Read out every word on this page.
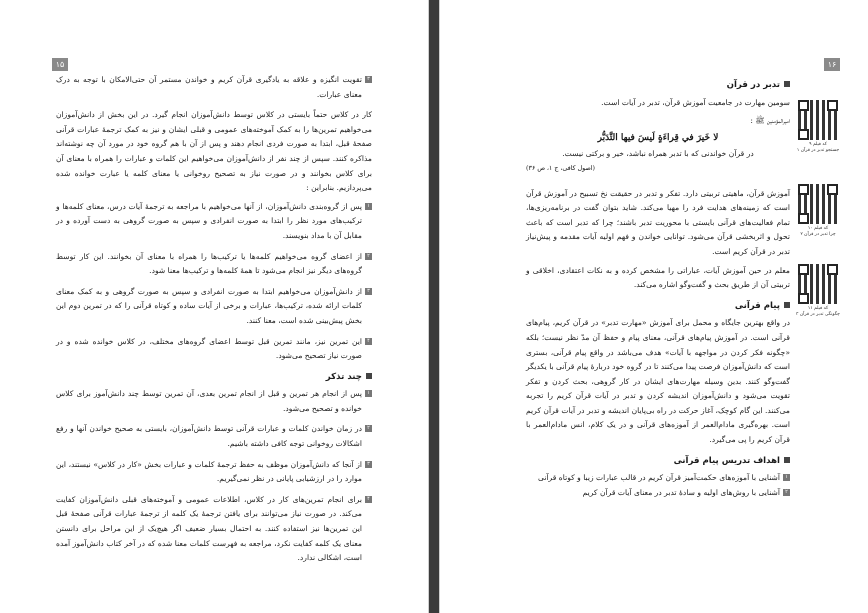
۱۵
۳
تقویت انگیزه و علاقه به یادگیری قرآن کریم و خواندن مستمر آن حتی‌الامکان با توجه به درک معنای عبارات.
کار در کلاس حتماً بایستی در کلاس توسط دانش‌آموزان انجام گیرد. در این بخش از دانش‌آموزان می‌خواهیم تمرین‌ها را به کمک آموخته‌های عمومی و قبلی ایشان و نیز به کمک ترجمهٔ عبارات قرآنی صفحهٔ قبل، ابتدا به صورت فردی انجام دهند و پس از آن با هم گروه خود در مورد آن چه نوشته‌اند مذاکره کنند. سپس از چند نفر از دانش‌آموزان می‌خواهیم این کلمات و عبارات را همراه با معنای آن برای کلاس بخوانند و در صورت نیاز به تصحیح روخوانی یا معنای کلمه یا عبارت خوانده شده می‌پردازیم. بنابراین :
۱
پس از گروه‌بندی دانش‌آموزان، از آنها می‌خواهیم با مراجعه به ترجمهٔ آیات درس، معنای کلمه‌ها و ترکیب‌های مورد نظر را ابتدا به صورت انفرادی و سپس به صورت گروهی به دست آورده و در مقابل آن با مداد بنویسند.
۲
از اعضای گروه می‌خواهیم کلمه‌ها یا ترکیب‌ها را همراه با معنای آن بخوانند. این کار توسط گروه‌های دیگر نیز انجام می‌شود تا همهٔ کلمه‌ها و ترکیب‌ها معنا شود.
۳
از دانش‌آموزان می‌خواهیم ابتدا به صورت انفرادی و سپس به صورت گروهی و به کمک معنای کلمات ارائه شده، ترکیب‌ها، عبارات و برخی از آیات ساده و کوتاه قرآنی را که در تمرین دوم این بخش پیش‌بینی شده است، معنا کنند.
۴
این تمرین نیز، مانند تمرین قبل توسط اعضای گروه‌های مختلف، در کلاس خوانده شده و در صورت نیاز تصحیح می‌شود.
چند تذکر
۱
پس از انجام هر تمرین و قبل از انجام تمرین بعدی، آن تمرین توسط چند دانش‌آموز برای کلاس خوانده و تصحیح می‌شود.
۲
در زمان خواندن کلمات و عبارات قرآنی توسط دانش‌آموزان، بایستی به صحیح خواندن آنها و رفع اشکالات روخوانی توجه کافی داشته باشیم.
۳
از آنجا که دانش‌آموزان موظف به حفظ ترجمهٔ کلمات و عبارات بخش «کار در کلاس» نیستند، این موارد را در ارزشیابی پایانی در نظر نمی‌گیریم.
۴
برای انجام تمرین‌های کار در کلاس، اطلاعات عمومی و آموخته‌های قبلی دانش‌آموزان کفایت می‌کند. در صورت نیاز می‌توانند برای یافتن ترجمهٔ یک کلمه از ترجمهٔ عبارات قرآنی صفحهٔ قبل این تمرین‌ها نیز استفاده کنند. به احتمال بسیار ضعیف اگر هیچ‌یک از این مراحل برای دانستن معنای یک کلمه کفایت نکرد، مراجعه به فهرست کلمات معنا شده که در آخر کتاب دانش‌آموز آمده است، اشکالی ندارد.
۱۶
تدبر در قرآن
سومین مهارت در جامعیت آموزش قرآن، تدبر در آیات است.
امیرالمؤمنین ﷺ :
لا خَيرَ في قِراءَةٍ لَيسَ فيها التَّدَبُّر
در قرآن خواندنی که با تدبر همراه نباشد، خیر و برکتی نیست.
(اصول کافی، ج ۱، ص ۳۶)
آموزش قرآن، ماهیتی تربیتی دارد. تفکر و تدبر در حقیقت نخ تسبیح در آموزش قرآن است که زمینه‌های هدایت فرد را مهیا می‌کند. شاید بتوان گفت در برنامه‌ریزی‌ها، تمام فعالیت‌های قرآنی بایستی با محوریت تدبر باشند؛ چرا که تدبر است که باعث تحول و اثربخشی قرآن می‌شود. توانایی خواندن و فهم اولیه آیات مقدمه و پیش‌نیاز تدبر در قرآن کریم است.
معلم در حین آموزش آیات، عباراتی را مشخص کرده و به نکات اعتقادی، اخلاقی و تربیتی آن از طریق بحث و گفت‌وگو اشاره می‌کند.
پیام قرآنی
در واقع بهترین جایگاه و محمل برای آموزش «مهارت تدبر» در قرآن کریم، پیام‌های قرآنی است. در آموزش پیام‌های قرآنی، معنای پیام و حفظ آن مدّ نظر نیست؛ بلکه «چگونه فکر کردن در مواجهه با آیات» هدف می‌باشد در واقع پیام قرآنی، بستری است که دانش‌آموزان فرصت پیدا می‌کنند تا در گروه خود دربارهٔ پیام قرآنی با یکدیگر گفت‌وگو کنند. بدین وسیله مهارت‌های ایشان در کار گروهی، بحث کردن و تفکر تقویت می‌شود و دانش‌آموزان اندیشه کردن و تدبر در آیات قرآن کریم را تجربه می‌کنند. این گام کوچک، آغاز حرکت در راه بی‌پایان اندیشه و تدبر در آیات قرآن کریم است. بهره‌گیری مادام‌العمر از آموزه‌های قرآنی و در یک کلام، انس مادام‌العمر با قرآن کریم را پی می‌گیرد.
اهداف تدریس پیام قرآنی
۱
آشنایی با آموزه‌های حکمت‌آمیز قرآن کریم در قالب عبارات زیبا و کوتاه قرآنی
۲
آشنایی با روش‌های اولیه و سادهٔ تدبر در معنای آیات قرآن کریم
کد فیلم ۹
جستجو تدبر در قرآن ۱
کد فیلم ۱۰
چرا تدبر در قرآن ۲
کد فیلم ۱۱
چگونگی تدبر در قرآن ۳
